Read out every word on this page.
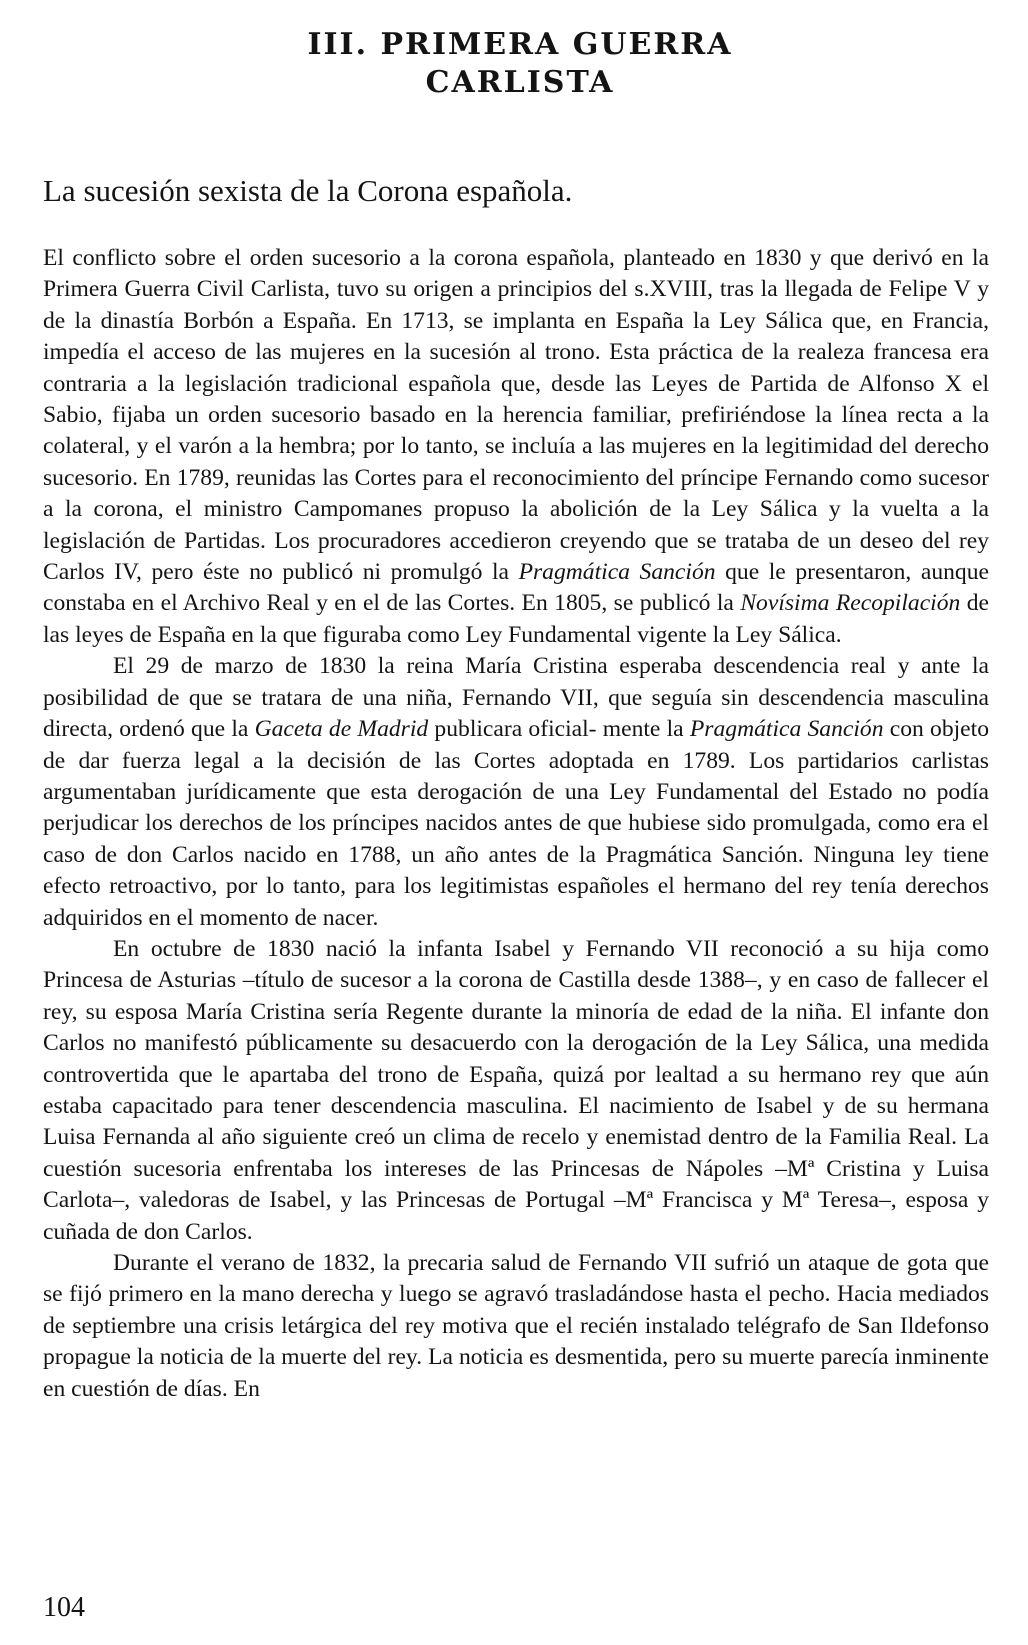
III. PRIMERA GUERRA
CARLISTA
La sucesión sexista de la Corona española.

El conflicto sobre el orden sucesorio a la corona española, planteado en 1830 y que derivó en la Primera Guerra Civil Carlista, tuvo su origen a principios del s.XVIII, tras la llegada de Felipe V y de la dinastía Borbón a España. En 1713, se implanta en España la Ley Sálica que, en Francia, impedía el acceso de las mujeres en la sucesión al trono. Esta práctica de la realeza francesa era contraria a la legislación tradicional española que, desde las Leyes de Partida de Alfonso X el Sabio, fijaba un orden sucesorio basado en la herencia familiar, prefiriéndose la línea recta a la colateral, y el varón a la hembra; por lo tanto, se incluía a las mujeres en la legitimidad del derecho sucesorio. En 1789, reunidas las Cortes para el reconocimiento del príncipe Fernando como sucesor a la corona, el ministro Campomanes propuso la abolición de la Ley Sálica y la vuelta a la legislación de Partidas. Los procuradores accedieron creyendo que se trataba de un deseo del rey Carlos IV, pero éste no publicó ni promulgó la Pragmática Sanción que le presentaron, aunque constaba en el Archivo Real y en el de las Cortes. En 1805, se publicó la Novísima Recopilación de las leyes de España en la que figuraba como Ley Fundamental vigente la Ley Sálica.

El 29 de marzo de 1830 la reina María Cristina esperaba descendencia real y ante la posibilidad de que se tratara de una niña, Fernando VII, que seguía sin descendencia masculina directa, ordenó que la Gaceta de Madrid publicara oficial- mente la Pragmática Sanción con objeto de dar fuerza legal a la decisión de las Cortes adoptada en 1789. Los partidarios carlistas argumentaban jurídicamente que esta derogación de una Ley Fundamental del Estado no podía perjudicar los derechos de los príncipes nacidos antes de que hubiese sido promulgada, como era el caso de don Carlos nacido en 1788, un año antes de la Pragmática Sanción. Ninguna ley tiene efecto retroactivo, por lo tanto, para los legitimistas españoles el hermano del rey tenía derechos adquiridos en el momento de nacer.

En octubre de 1830 nació la infanta Isabel y Fernando VII reconoció a su hija como Princesa de Asturias –título de sucesor a la corona de Castilla desde 1388–, y en caso de fallecer el rey, su esposa María Cristina sería Regente durante la minoría de edad de la niña. El infante don Carlos no manifestó públicamente su desacuerdo con la derogación de la Ley Sálica, una medida controvertida que le apartaba del trono de España, quizá por lealtad a su hermano rey que aún estaba capacitado para tener descendencia masculina. El nacimiento de Isabel y de su hermana Luisa Fernanda al año siguiente creó un clima de recelo y enemistad dentro de la Familia Real. La cuestión sucesoria enfrentaba los intereses de las Princesas de Nápoles –Mª Cristina y Luisa Carlota–, valedoras de Isabel, y las Princesas de Portugal –Mª Francisca y Mª Teresa–, esposa y cuñada de don Carlos.

Durante el verano de 1832, la precaria salud de Fernando VII sufrió un ataque de gota que se fijó primero en la mano derecha y luego se agravó trasladándose hasta el pecho. Hacia mediados de septiembre una crisis letárgica del rey motiva que el recién instalado telégrafo de San Ildefonso propague la noticia de la muerte del rey. La noticia es desmentida, pero su muerte parecía inminente en cuestión de días. En

104
